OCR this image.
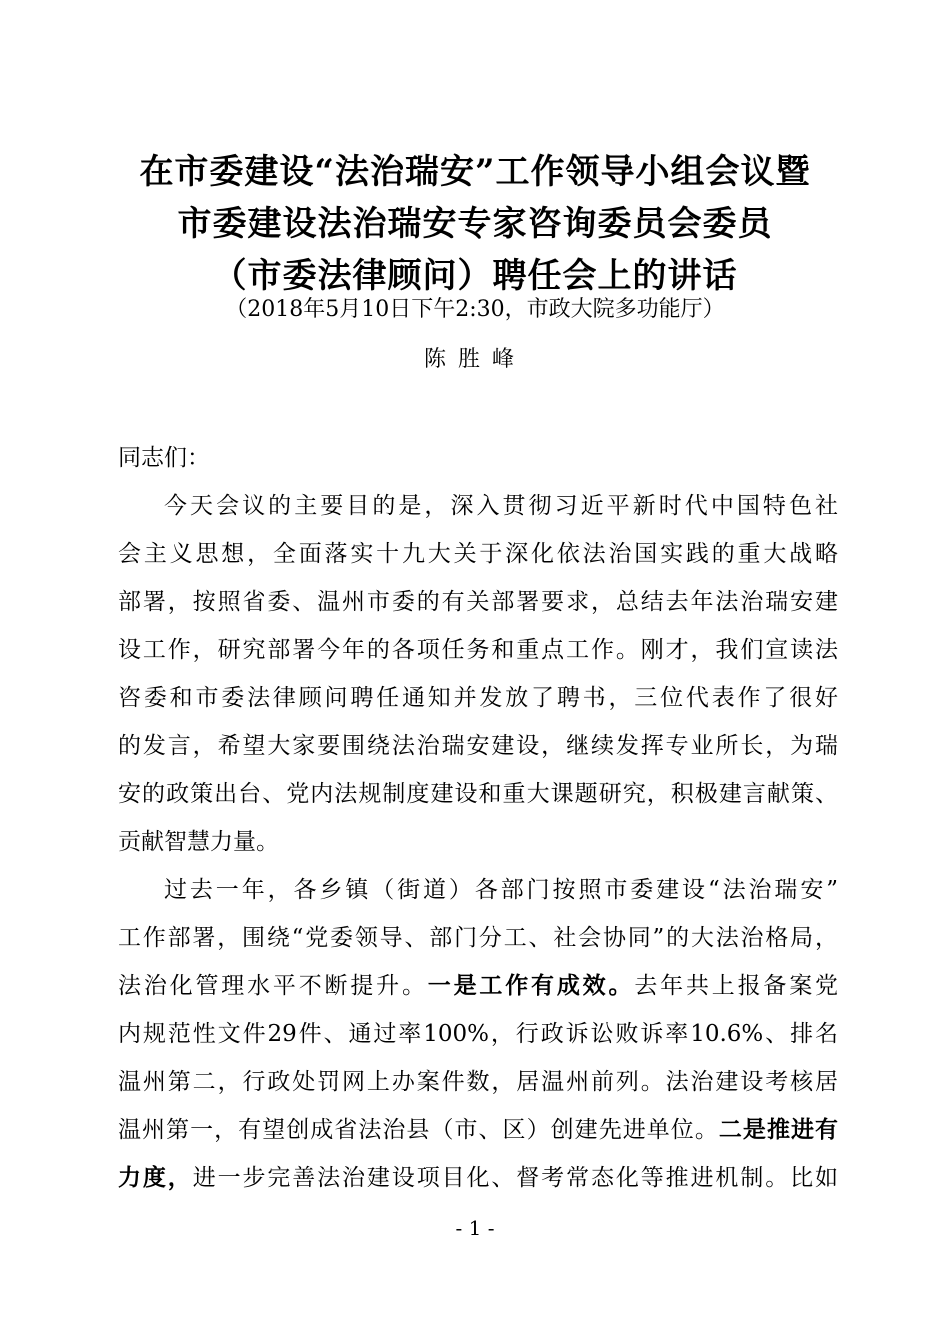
在市委建设“法治瑞安”工作领导小组会议暨
市委建设法治瑞安专家咨询委员会委员
（市委法律顾问）聘任会上的讲话
（2018年5月10日下午2:30，市政大院多功能厅）
陈胜峰
同志们：
今天会议的主要目的是，深入贯彻习近平新时代中国特色社
会主义思想，全面落实十九大关于深化依法治国实践的重大战略
部署，按照省委、温州市委的有关部署要求，总结去年法治瑞安建
设工作，研究部署今年的各项任务和重点工作。刚才，我们宣读法
咨委和市委法律顾问聘任通知并发放了聘书，三位代表作了很好
的发言，希望大家要围绕法治瑞安建设，继续发挥专业所长，为瑞
安的政策出台、党内法规制度建设和重大课题研究，积极建言献策、
贡献智慧力量。
过去一年，各乡镇（街道）各部门按照市委建设“法治瑞安”
工作部署，围绕“党委领导、部门分工、社会协同”的大法治格局，
法治化管理水平不断提升。一是工作有成效。去年共上报备案党
内规范性文件29件、通过率100%，行政诉讼败诉率10.6%、排名
温州第二，行政处罚网上办案件数，居温州前列。法治建设考核居
温州第一，有望创成省法治县（市、区）创建先进单位。二是推进有
力度，进一步完善法治建设项目化、督考常态化等推进机制。比如
- 1 -
